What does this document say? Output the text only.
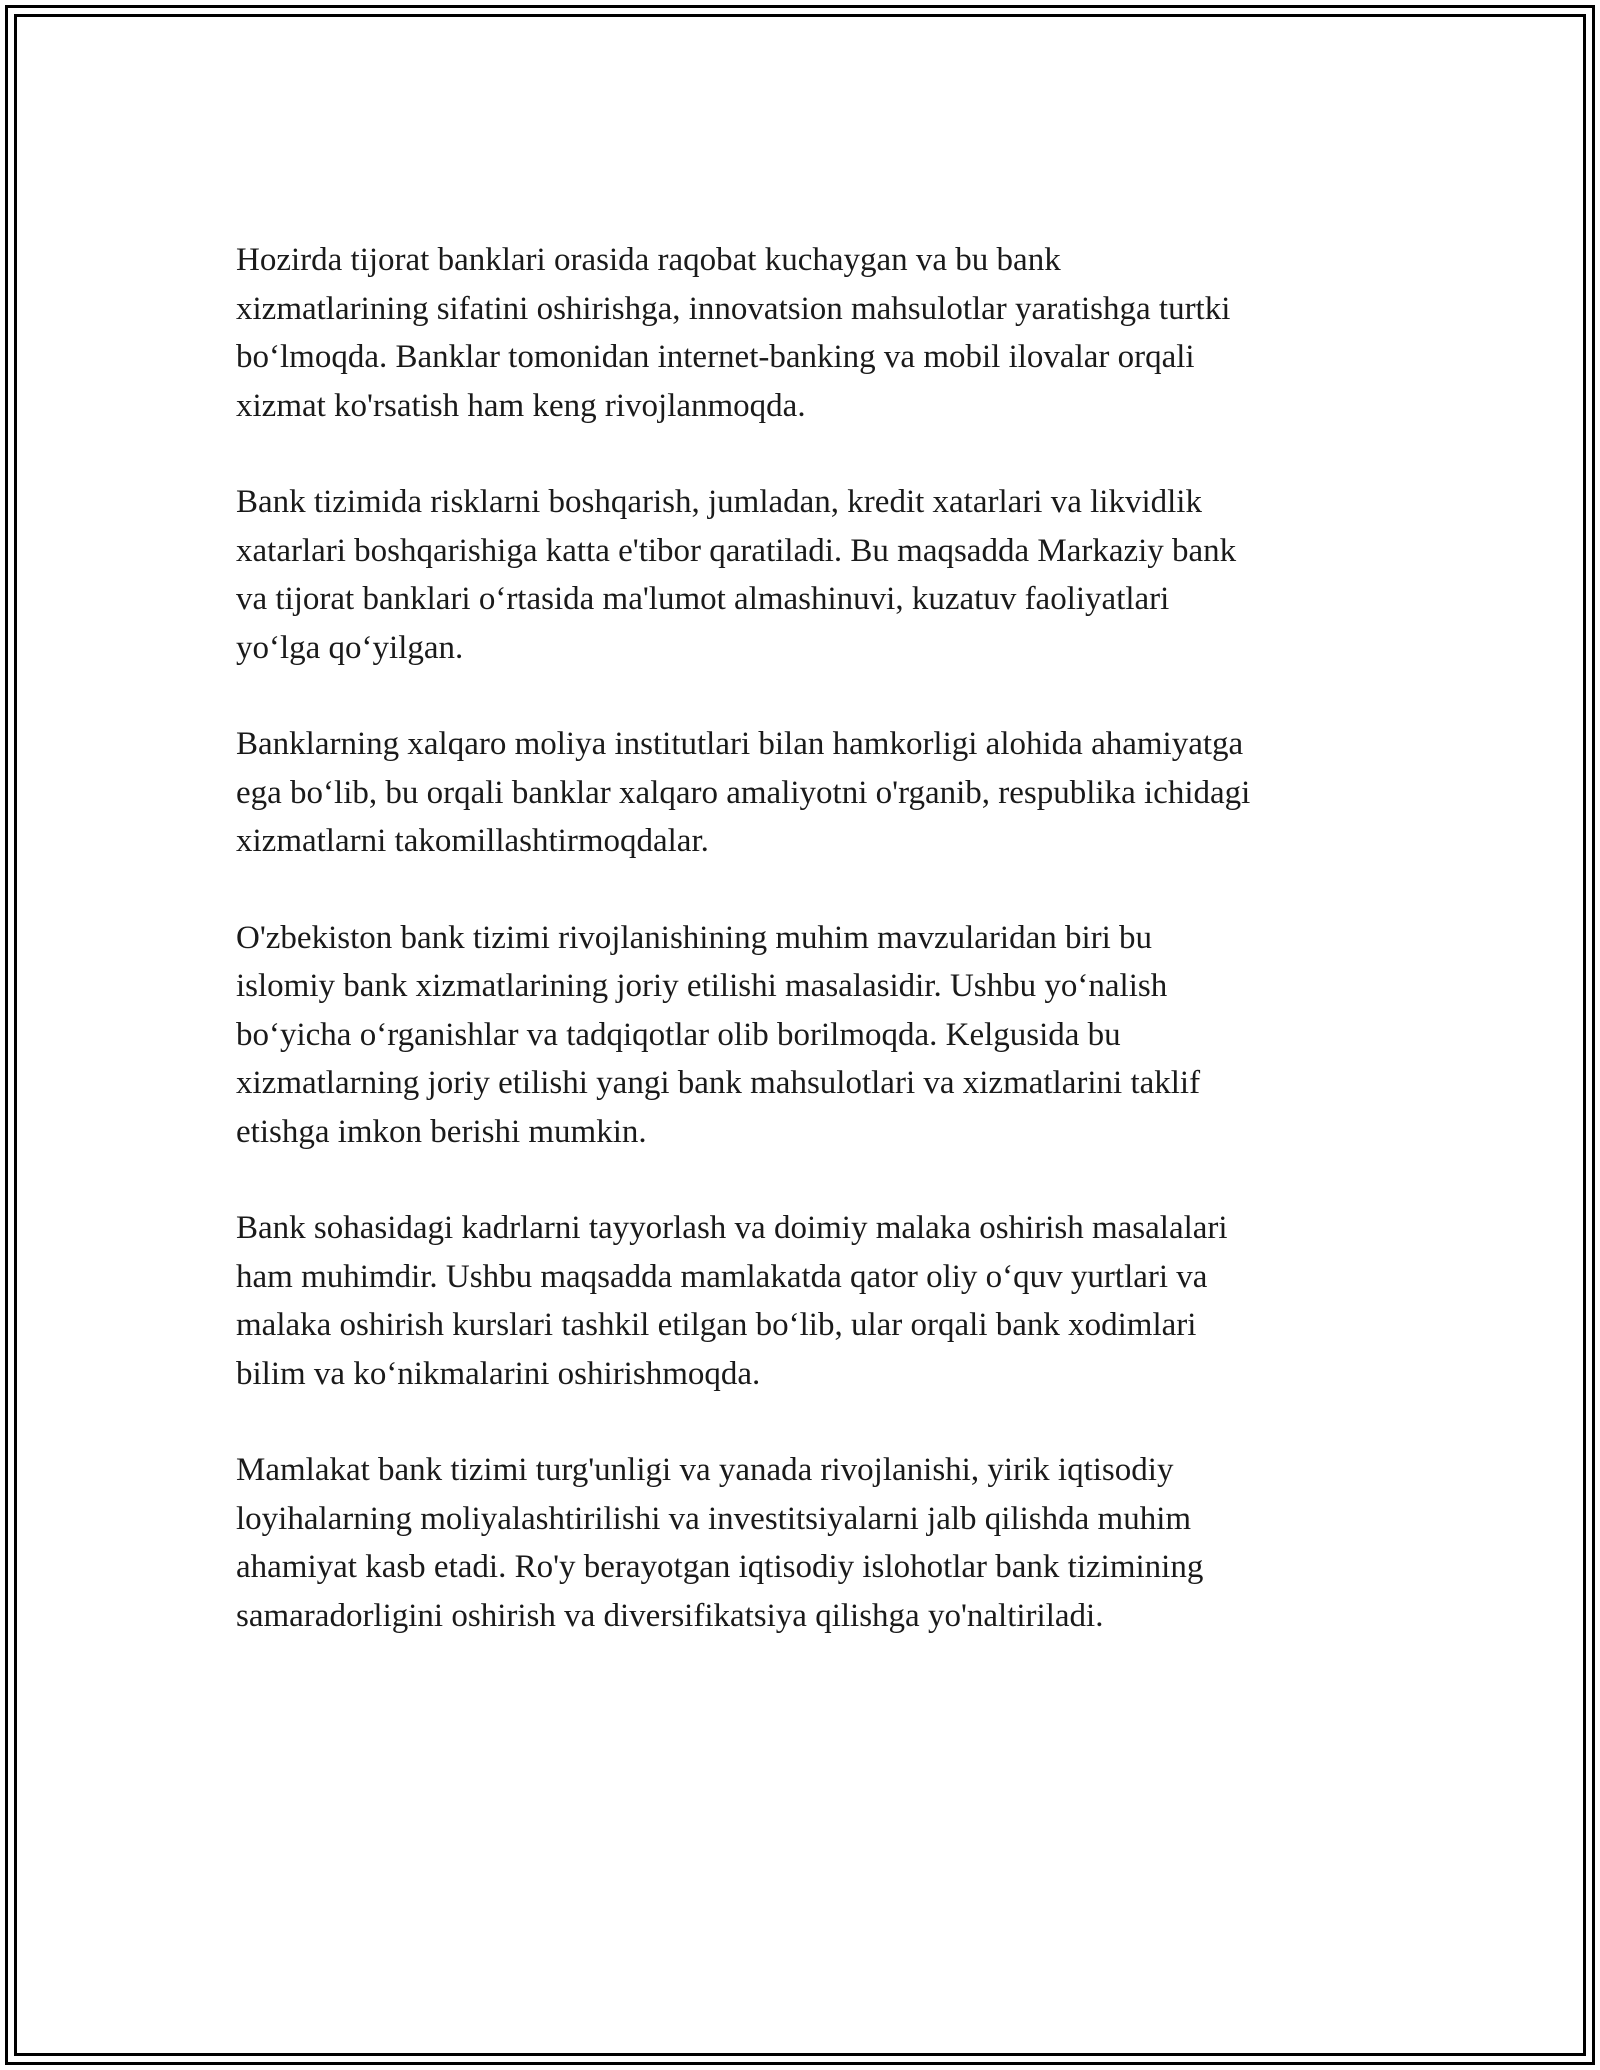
Hozirda tijorat banklari orasida raqobat kuchaygan va bu bank
xizmatlarining sifatini oshirishga, innovatsion mahsulotlar yaratishga turtki
bo‘lmoqda. Banklar tomonidan internet-banking va mobil ilovalar orqali
xizmat ko'rsatish ham keng rivojlanmoqda.

Bank tizimida risklarni boshqarish, jumladan, kredit xatarlari va likvidlik
xatarlari boshqarishiga katta e'tibor qaratiladi. Bu maqsadda Markaziy bank
va tijorat banklari o‘rtasida ma'lumot almashinuvi, kuzatuv faoliyatlari
yo‘lga qo‘yilgan.

Banklarning xalqaro moliya institutlari bilan hamkorligi alohida ahamiyatga
ega bo‘lib, bu orqali banklar xalqaro amaliyotni o'rganib, respublika ichidagi
xizmatlarni takomillashtirmoqdalar.

O'zbekiston bank tizimi rivojlanishining muhim mavzularidan biri bu
islomiy bank xizmatlarining joriy etilishi masalasidir. Ushbu yo‘nalish
bo‘yicha o‘rganishlar va tadqiqotlar olib borilmoqda. Kelgusida bu
xizmatlarning joriy etilishi yangi bank mahsulotlari va xizmatlarini taklif
etishga imkon berishi mumkin.

Bank sohasidagi kadrlarni tayyorlash va doimiy malaka oshirish masalalari
ham muhimdir. Ushbu maqsadda mamlakatda qator oliy o‘quv yurtlari va
malaka oshirish kurslari tashkil etilgan bo‘lib, ular orqali bank xodimlari
bilim va ko‘nikmalarini oshirishmoqda.

Mamlakat bank tizimi turg'unligi va yanada rivojlanishi, yirik iqtisodiy
loyihalarning moliyalashtirilishi va investitsiyalarni jalb qilishda muhim
ahamiyat kasb etadi. Ro'y berayotgan iqtisodiy islohotlar bank tizimining
samaradorligini oshirish va diversifikatsiya qilishga yo'naltiriladi.
